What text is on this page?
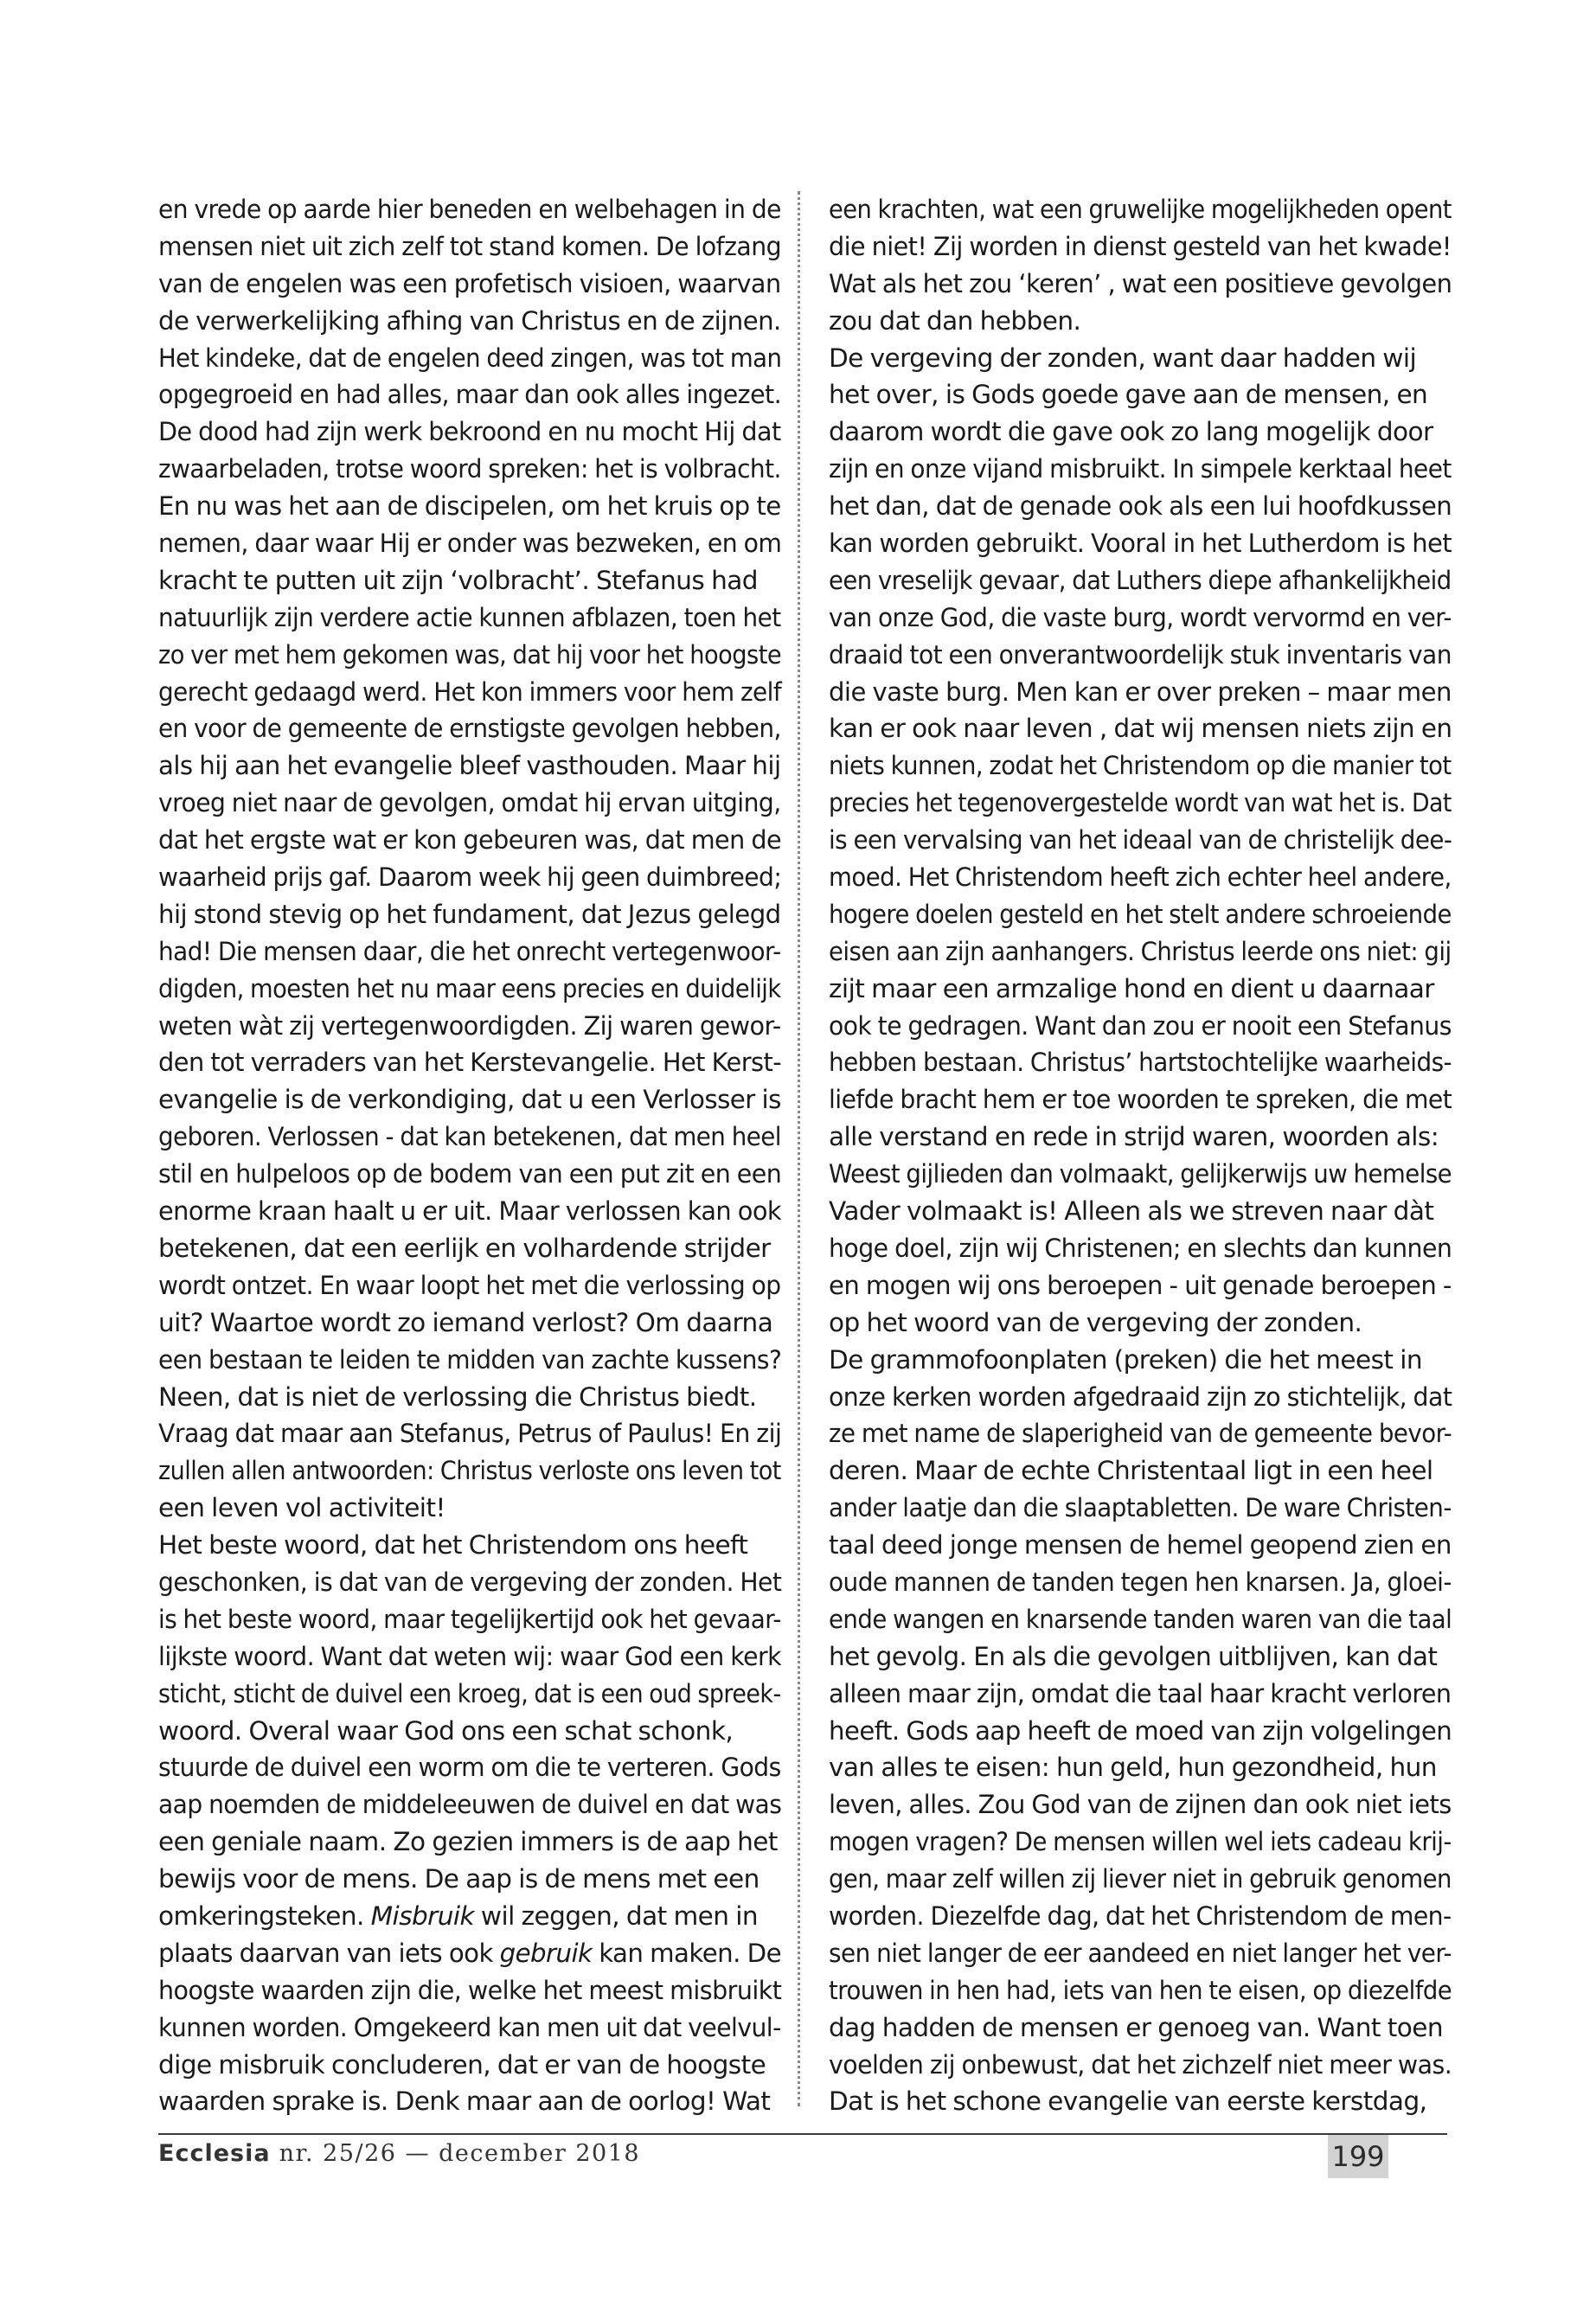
en vrede op aarde hier beneden en welbehagen in de
mensen niet uit zich zelf tot stand komen. De lofzang
van de engelen was een profetisch visioen, waarvan
de verwerkelijking afhing van Christus en de zijnen.
Het kindeke, dat de engelen deed zingen, was tot man
opgegroeid en had alles, maar dan ook alles ingezet.
De dood had zijn werk bekroond en nu mocht Hij dat
zwaarbeladen, trotse woord spreken: het is volbracht.
En nu was het aan de discipelen, om het kruis op te
nemen, daar waar Hij er onder was bezweken, en om
kracht te putten uit zijn ‘volbracht’. Stefanus had
natuurlijk zijn verdere actie kunnen afblazen, toen het
zo ver met hem gekomen was, dat hij voor het hoogste
gerecht gedaagd werd. Het kon immers voor hem zelf
en voor de gemeente de ernstigste gevolgen hebben,
als hij aan het evangelie bleef vasthouden. Maar hij
vroeg niet naar de gevolgen, omdat hij ervan uitging,
dat het ergste wat er kon gebeuren was, dat men de
waarheid prijs gaf. Daarom week hij geen duimbreed;
hij stond stevig op het fundament, dat Jezus gelegd
had! Die mensen daar, die het onrecht vertegenwoor-
digden, moesten het nu maar eens precies en duidelijk
weten wàt zij vertegenwoordigden. Zij waren gewor-
den tot verraders van het Kerstevangelie. Het Kerst-
evangelie is de verkondiging, dat u een Verlosser is
geboren. Verlossen - dat kan betekenen, dat men heel
stil en hulpeloos op de bodem van een put zit en een
enorme kraan haalt u er uit. Maar verlossen kan ook
betekenen, dat een eerlijk en volhardende strijder
wordt ontzet. En waar loopt het met die verlossing op
uit? Waartoe wordt zo iemand verlost? Om daarna
een bestaan te leiden te midden van zachte kussens?
Neen, dat is niet de verlossing die Christus biedt.
Vraag dat maar aan Stefanus, Petrus of Paulus! En zij
zullen allen antwoorden: Christus verloste ons leven tot
een leven vol activiteit!
Het beste woord, dat het Christendom ons heeft
geschonken, is dat van de vergeving der zonden. Het
is het beste woord, maar tegelijkertijd ook het gevaar-
lijkste woord. Want dat weten wij: waar God een kerk
sticht, sticht de duivel een kroeg, dat is een oud spreek-
woord. Overal waar God ons een schat schonk,
stuurde de duivel een worm om die te verteren. Gods
aap noemden de middeleeuwen de duivel en dat was
een geniale naam. Zo gezien immers is de aap het
bewijs voor de mens. De aap is de mens met een
omkeringsteken. Misbruik wil zeggen, dat men in
plaats daarvan van iets ook gebruik kan maken. De
hoogste waarden zijn die, welke het meest misbruikt
kunnen worden. Omgekeerd kan men uit dat veelvul-
dige misbruik concluderen, dat er van de hoogste
waarden sprake is. Denk maar aan de oorlog! Wat
een krachten, wat een gruwelijke mogelijkheden opent
die niet! Zij worden in dienst gesteld van het kwade!
Wat als het zou ‘keren’ , wat een positieve gevolgen
zou dat dan hebben.
De vergeving der zonden, want daar hadden wij
het over, is Gods goede gave aan de mensen, en
daarom wordt die gave ook zo lang mogelijk door
zijn en onze vijand misbruikt. In simpele kerktaal heet
het dan, dat de genade ook als een lui hoofdkussen
kan worden gebruikt. Vooral in het Lutherdom is het
een vreselijk gevaar, dat Luthers diepe afhankelijkheid
van onze God, die vaste burg, wordt vervormd en ver-
draaid tot een onverantwoordelijk stuk inventaris van
die vaste burg. Men kan er over preken – maar men
kan er ook naar leven , dat wij mensen niets zijn en
niets kunnen, zodat het Christendom op die manier tot
precies het tegenovergestelde wordt van wat het is. Dat
is een vervalsing van het ideaal van de christelijk dee-
moed. Het Christendom heeft zich echter heel andere,
hogere doelen gesteld en het stelt andere schroeiende
eisen aan zijn aanhangers. Christus leerde ons niet: gij
zijt maar een armzalige hond en dient u daarnaar
ook te gedragen. Want dan zou er nooit een Stefanus
hebben bestaan. Christus’ hartstochtelijke waarheids-
liefde bracht hem er toe woorden te spreken, die met
alle verstand en rede in strijd waren, woorden als:
Weest gijlieden dan volmaakt, gelijkerwijs uw hemelse
Vader volmaakt is! Alleen als we streven naar dàt
hoge doel, zijn wij Christenen; en slechts dan kunnen
en mogen wij ons beroepen - uit genade beroepen -
op het woord van de vergeving der zonden.
De grammofoonplaten (preken) die het meest in
onze kerken worden afgedraaid zijn zo stichtelijk, dat
ze met name de slaperigheid van de gemeente bevor-
deren. Maar de echte Christentaal ligt in een heel
ander laatje dan die slaaptabletten. De ware Christen-
taal deed jonge mensen de hemel geopend zien en
oude mannen de tanden tegen hen knarsen. Ja, gloei-
ende wangen en knarsende tanden waren van die taal
het gevolg. En als die gevolgen uitblijven, kan dat
alleen maar zijn, omdat die taal haar kracht verloren
heeft. Gods aap heeft de moed van zijn volgelingen
van alles te eisen: hun geld, hun gezondheid, hun
leven, alles. Zou God van de zijnen dan ook niet iets
mogen vragen? De mensen willen wel iets cadeau krij-
gen, maar zelf willen zij liever niet in gebruik genomen
worden. Diezelfde dag, dat het Christendom de men-
sen niet langer de eer aandeed en niet langer het ver-
trouwen in hen had, iets van hen te eisen, op diezelfde
dag hadden de mensen er genoeg van. Want toen
voelden zij onbewust, dat het zichzelf niet meer was.
Dat is het schone evangelie van eerste kerstdag,
Ecclesia nr. 25/26 — december 2018	199
